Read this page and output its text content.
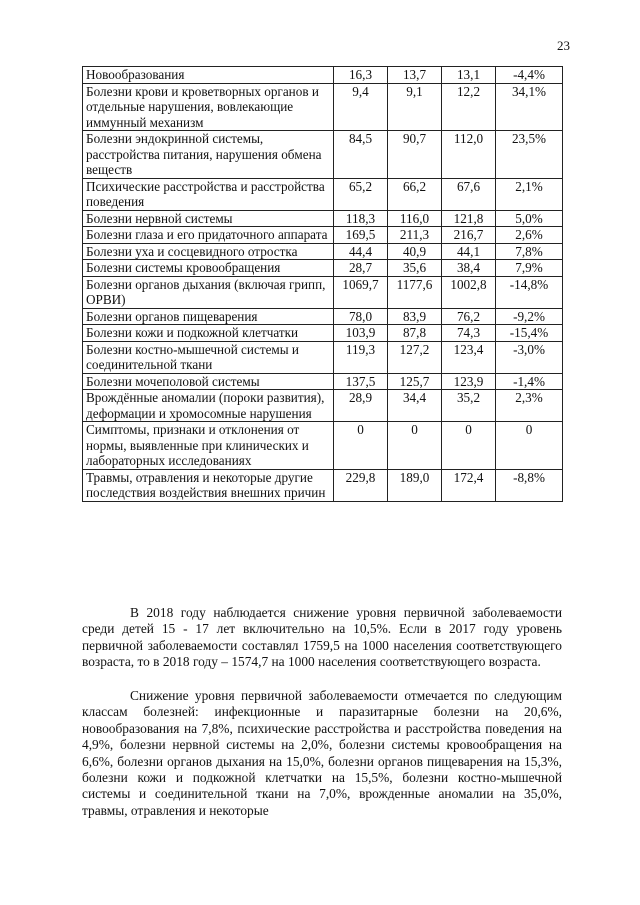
23
Новообразования	16,3	13,7	13,1	-4,4%
Болезни крови и кроветворных органов и отдельные нарушения, вовлекающие иммунный механизм	9,4	9,1	12,2	34,1%
Болезни эндокринной системы, расстройства питания, нарушения обмена веществ	84,5	90,7	112,0	23,5%
Психические расстройства и расстройства поведения	65,2	66,2	67,6	2,1%
Болезни нервной системы	118,3	116,0	121,8	5,0%
Болезни глаза и его придаточного аппарата	169,5	211,3	216,7	2,6%
Болезни уха и сосцевидного отростка	44,4	40,9	44,1	7,8%
Болезни системы кровообращения	28,7	35,6	38,4	7,9%
Болезни органов дыхания (включая грипп, ОРВИ)	1069,7	1177,6	1002,8	-14,8%
Болезни органов пищеварения	78,0	83,9	76,2	-9,2%
Болезни кожи и подкожной клетчатки	103,9	87,8	74,3	-15,4%
Болезни костно-мышечной системы и соединительной ткани	119,3	127,2	123,4	-3,0%
Болезни мочеполовой системы	137,5	125,7	123,9	-1,4%
Врождённые аномалии (пороки развития), деформации и хромосомные нарушения	28,9	34,4	35,2	2,3%
Симптомы, признаки и отклонения от нормы, выявленные при клинических и лабораторных исследованиях	0	0	0	0
Травмы, отравления и некоторые другие последствия воздействия внешних причин	229,8	189,0	172,4	-8,8%

В 2018 году наблюдается снижение уровня первичной заболеваемости среди детей 15 - 17 лет включительно на 10,5%. Если в 2017 году уровень первичной заболеваемости составлял 1759,5 на 1000 населения соответствующего возраста, то в 2018 году – 1574,7 на 1000 населения соответствующего возраста.

Снижение уровня первичной заболеваемости отмечается по следующим классам болезней: инфекционные и паразитарные болезни на 20,6%, новообразования на 7,8%, психические расстройства и расстройства поведения на 4,9%, болезни нервной системы на 2,0%, болезни системы кровообращения на 6,6%, болезни органов дыхания на 15,0%, болезни органов пищеварения на 15,3%, болезни кожи и подкожной клетчатки на 15,5%, болезни костно-мышечной системы и соединительной ткани на 7,0%, врожденные аномалии на 35,0%, травмы, отравления и некоторые
